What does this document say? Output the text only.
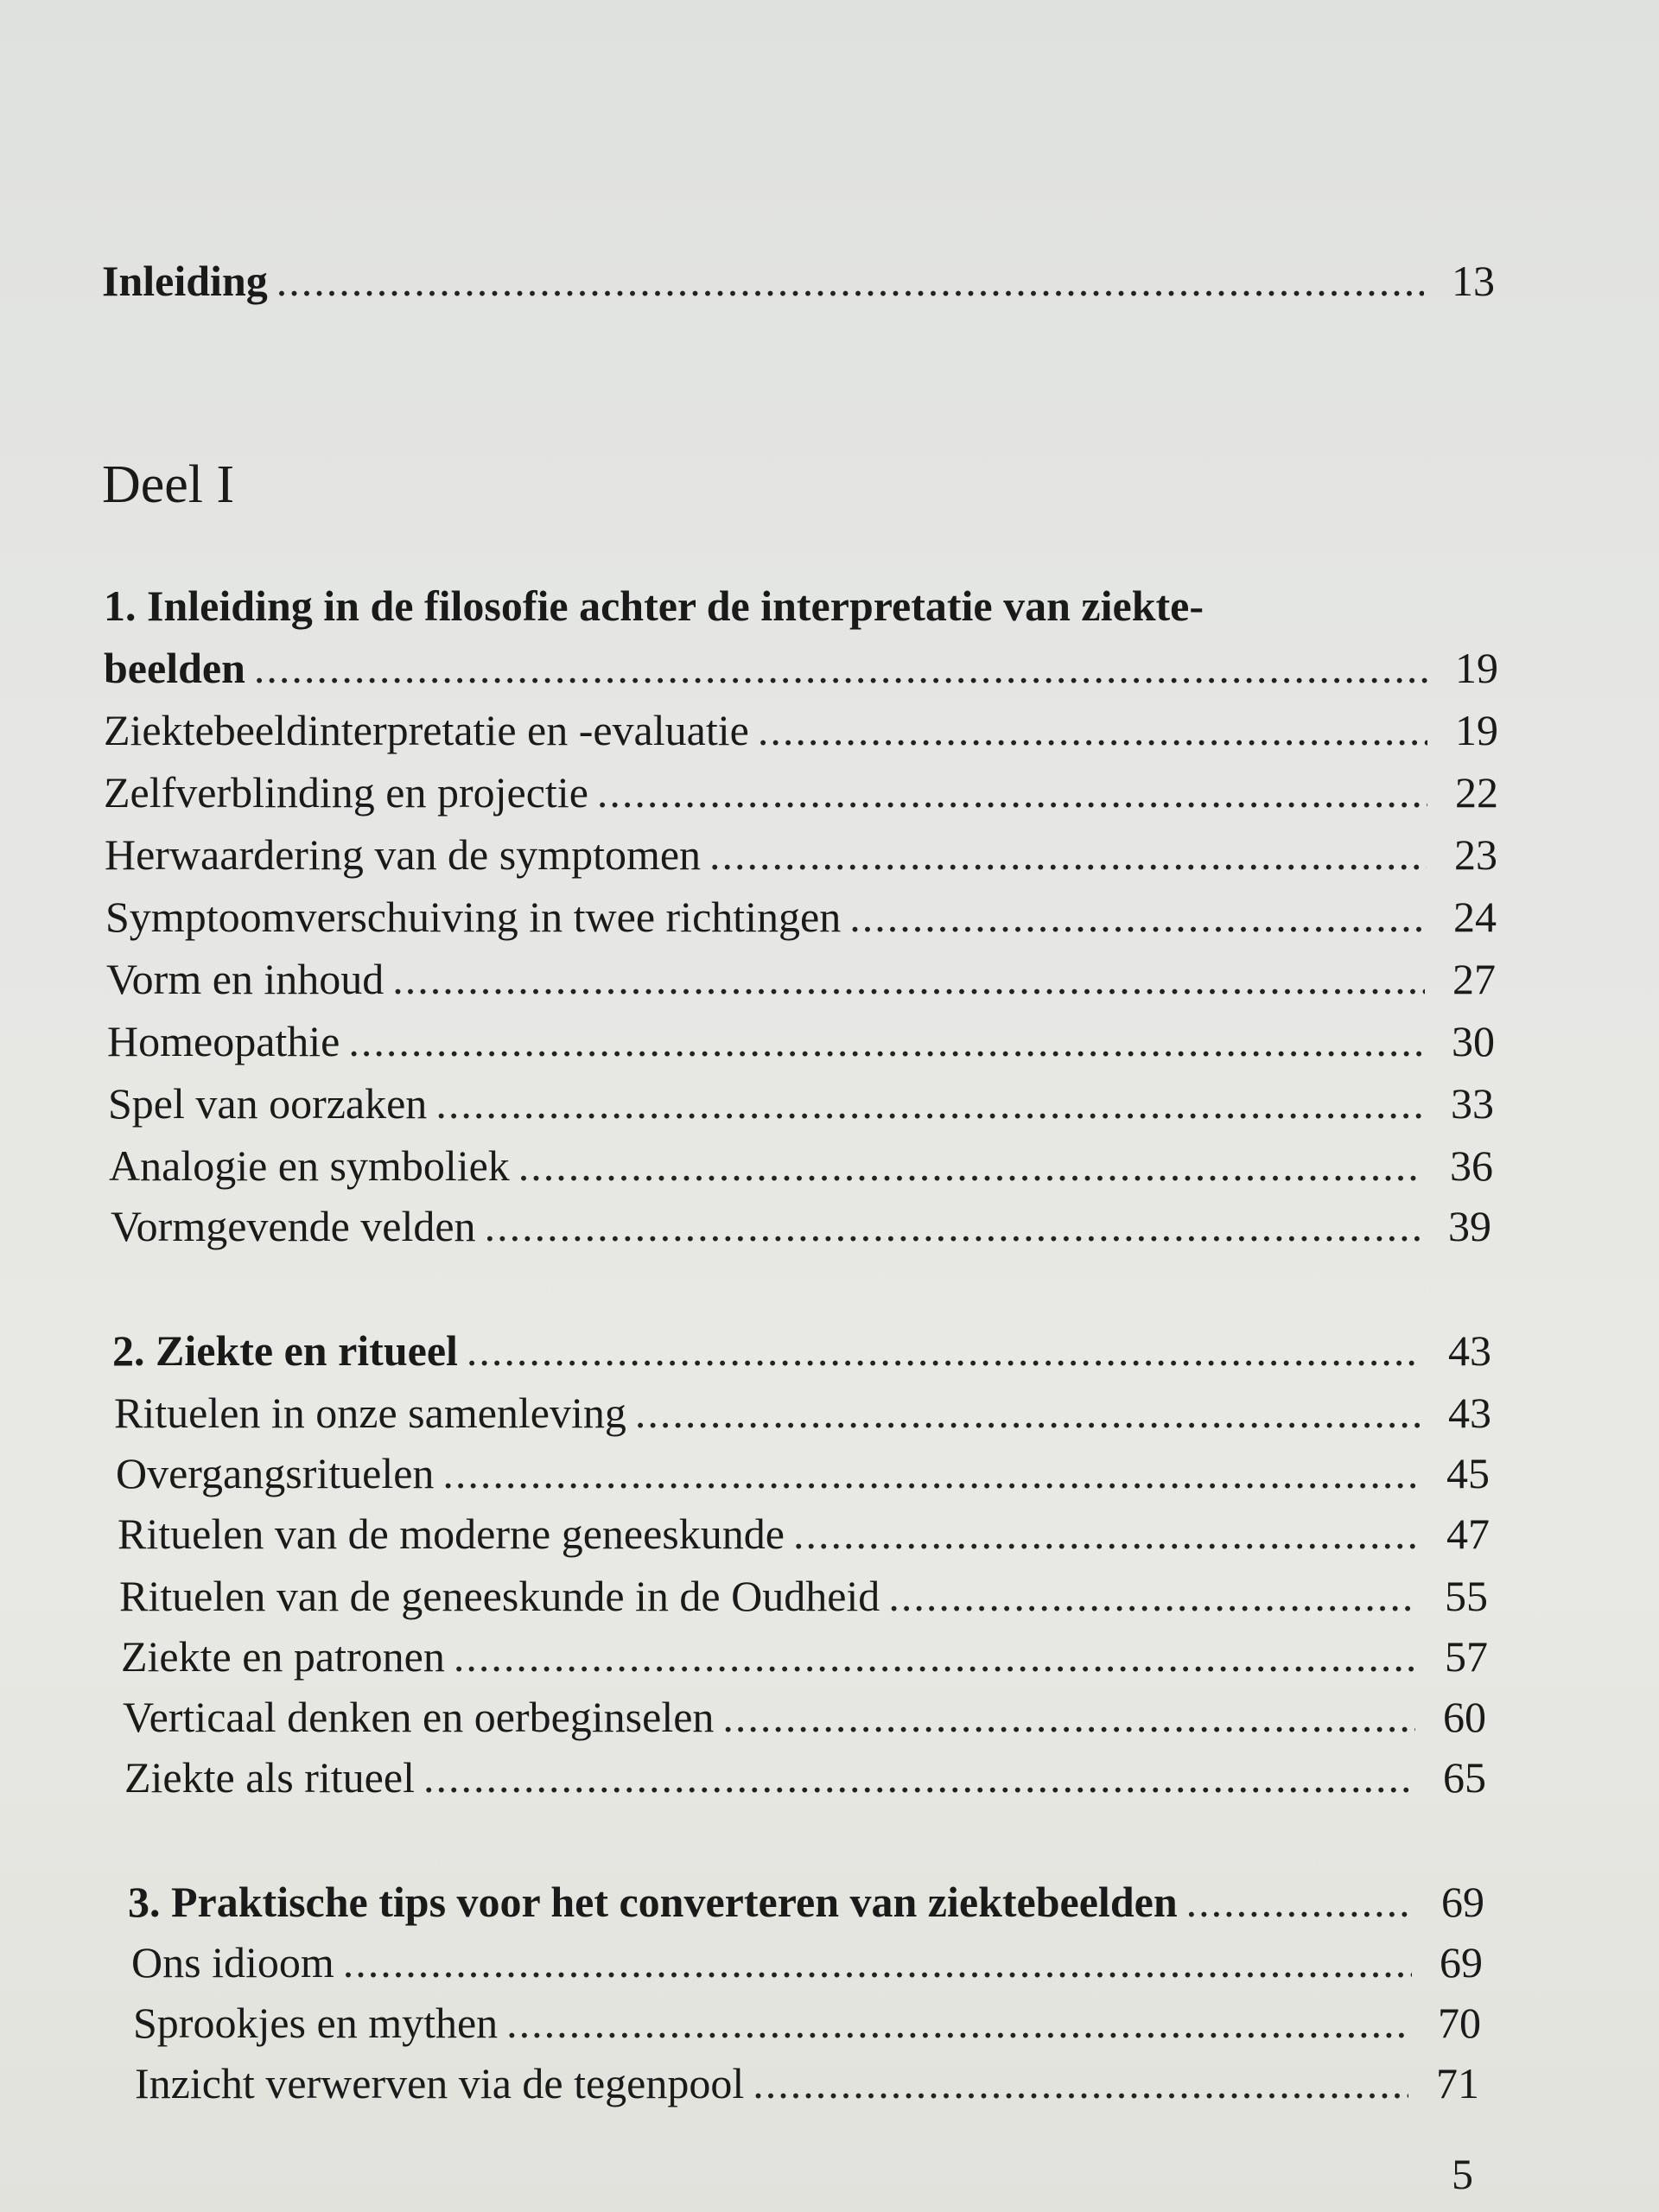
Inleiding .....	13
Deel I
1. Inleiding in de filosofie achter de interpretatie van ziekte-
beelden .....	19
Ziektebeeldinterpretatie en -evaluatie .....	19
Zelfverblinding en projectie .....	22
Herwaardering van de symptomen .....	23
Symptoomverschuiving in twee richtingen .....	24
Vorm en inhoud .....	27
Homeopathie .....	30
Spel van oorzaken .....	33
Analogie en symboliek .....	36
Vormgevende velden .....	39
2. Ziekte en ritueel .....	43
Rituelen in onze samenleving .....	43
Overgangsrituelen .....	45
Rituelen van de moderne geneeskunde .....	47
Rituelen van de geneeskunde in de Oudheid .....	55
Ziekte en patronen .....	57
Verticaal denken en oerbeginselen .....	60
Ziekte als ritueel .....	65
3. Praktische tips voor het converteren van ziektebeelden .....	69
Ons idioom .....	69
Sprookjes en mythen .....	70
Inzicht verwerven via de tegenpool .....	71
5
